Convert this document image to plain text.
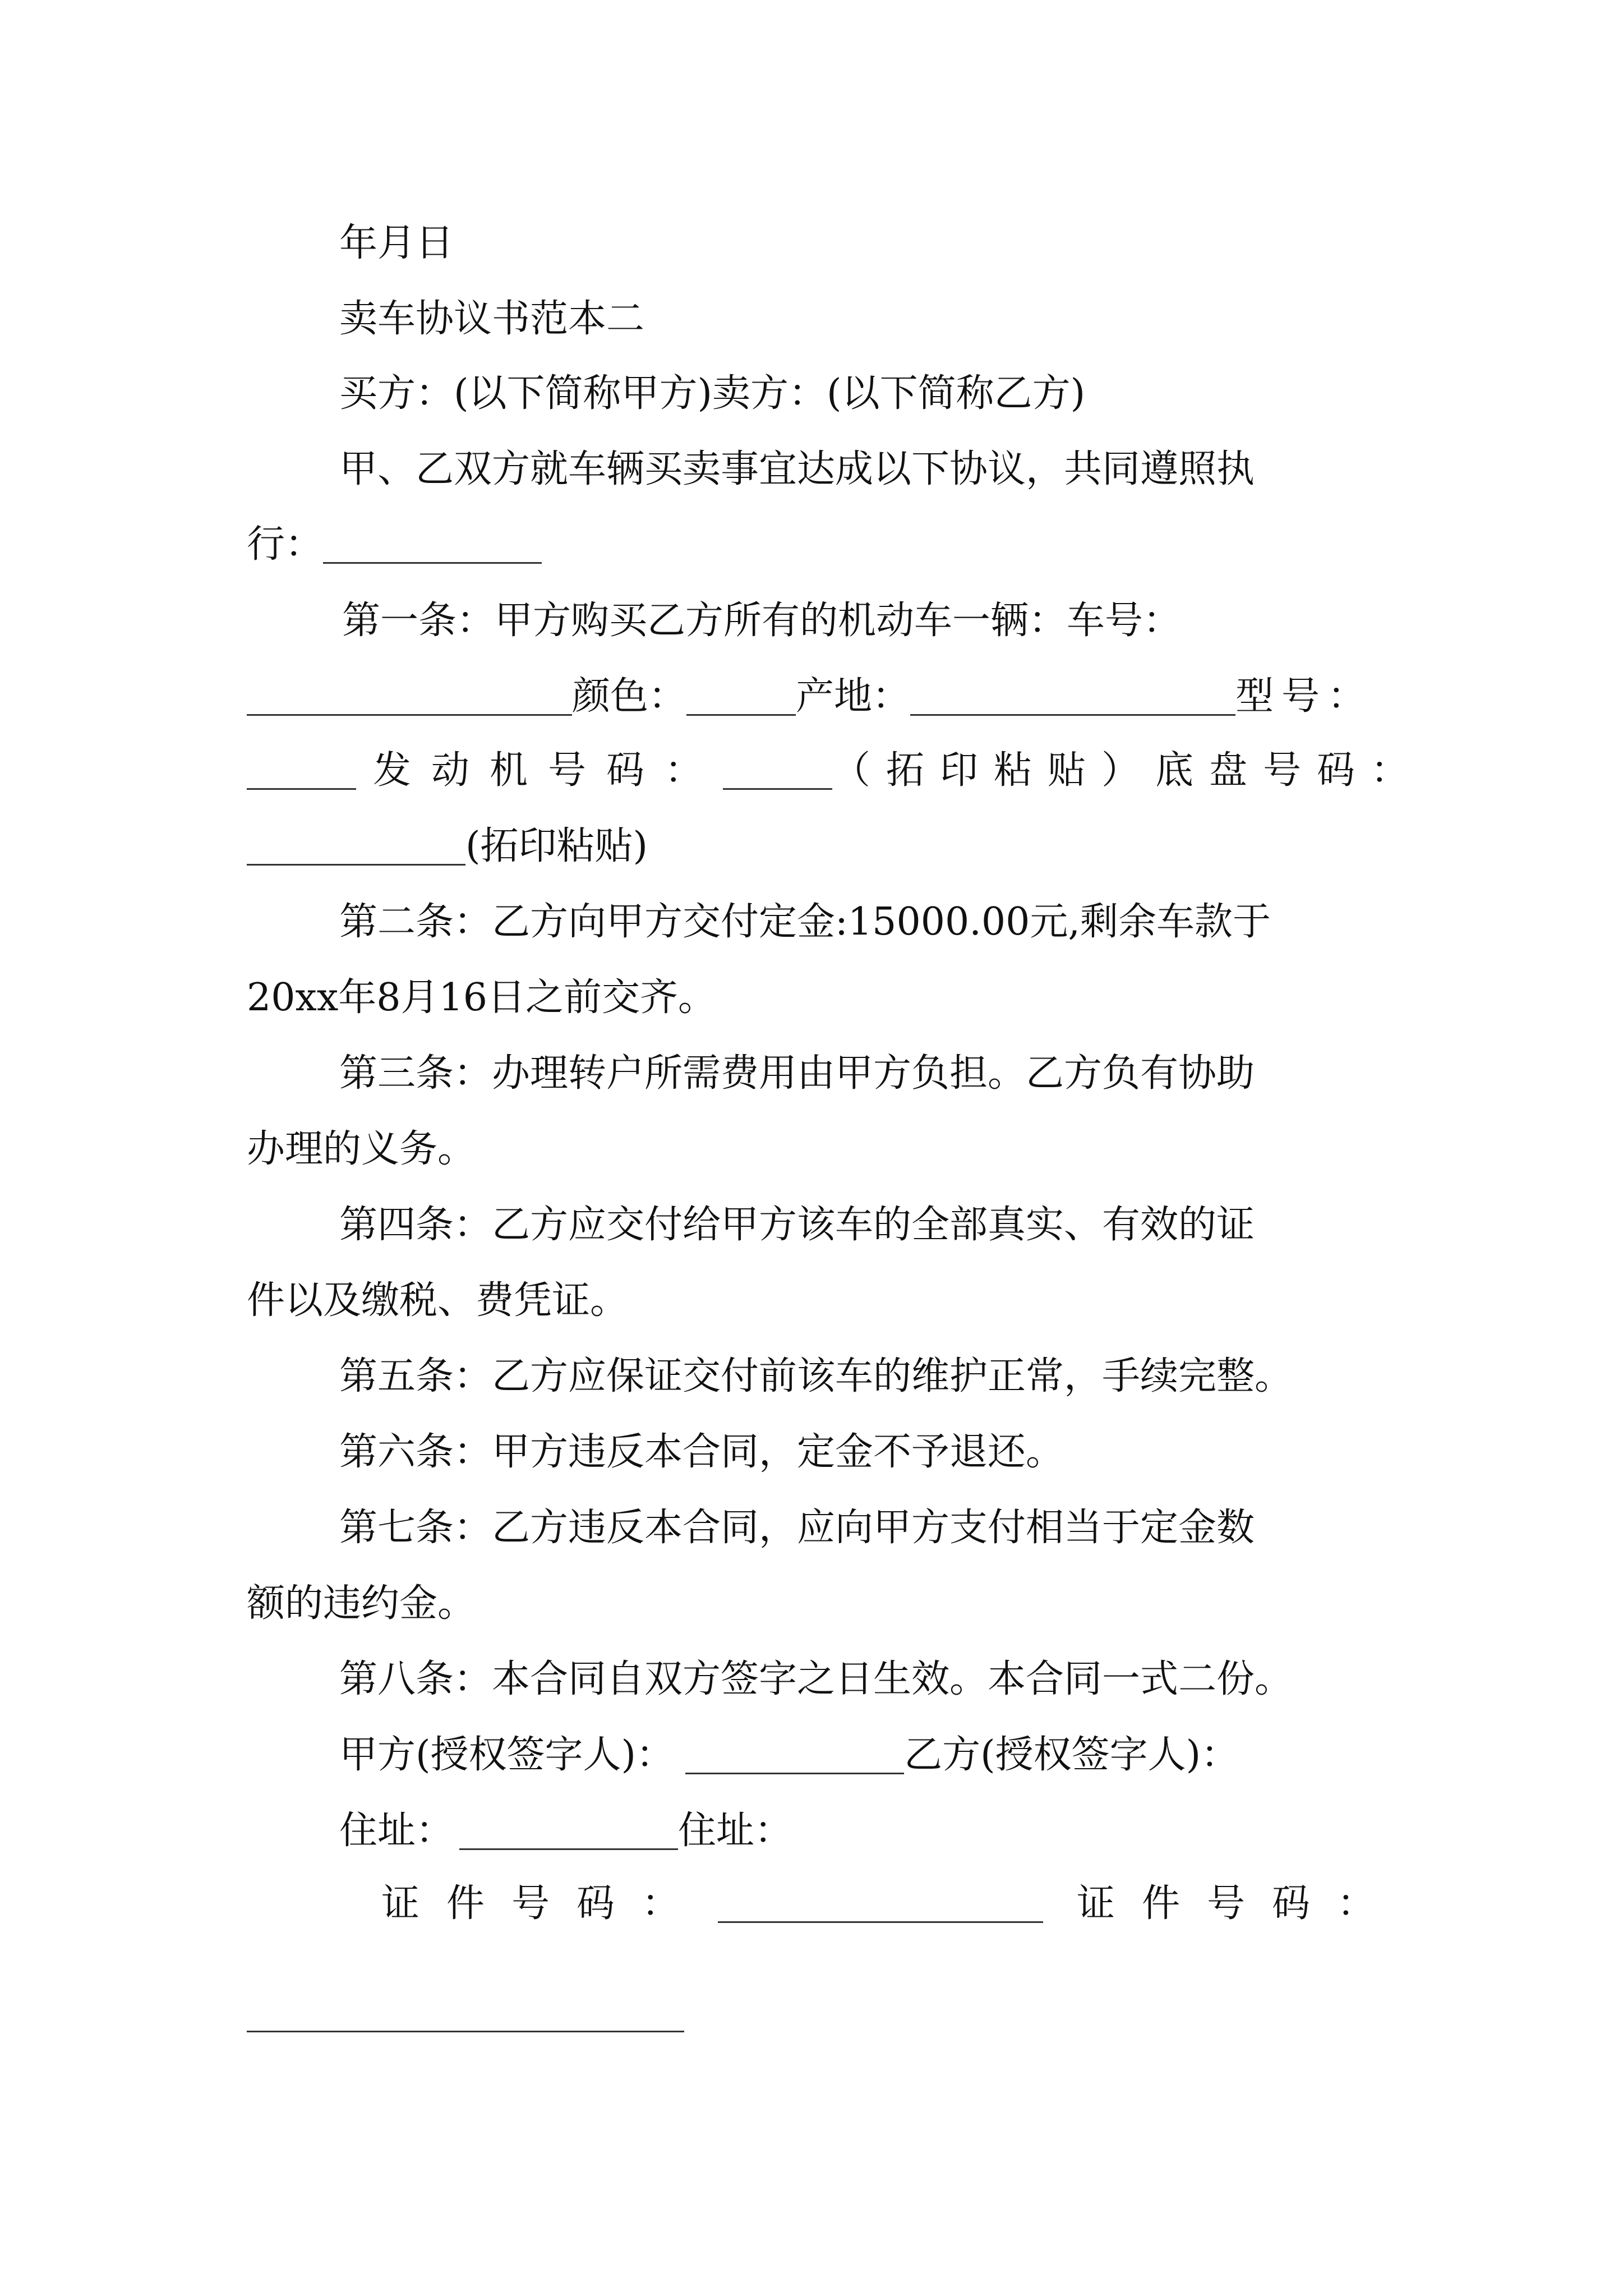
年月日
卖车协议书范本二
买方：(以下简称甲方)卖方：(以下简称乙方)
甲、乙双方就车辆买卖事宜达成以下协议，共同遵照执
行：
第一条：甲方购买乙方所有的机动车一辆：车号：
颜色：	产地：	型号：
发动机号码：	（拓印粘贴）底盘号码：
(拓印粘贴)
第二条：乙方向甲方交付定金:15000.00元,剩余车款于
20xx年8月16日之前交齐。
第三条：办理转户所需费用由甲方负担。乙方负有协助
办理的义务。
第四条：乙方应交付给甲方该车的全部真实、有效的证
件以及缴税、费凭证。
第五条：乙方应保证交付前该车的维护正常，手续完整。
第六条：甲方违反本合同，定金不予退还。
第七条：乙方违反本合同，应向甲方支付相当于定金数
额的违约金。
第八条：本合同自双方签字之日生效。本合同一式二份。
甲方(授权签字人)：	乙方(授权签字人)：
住址：	住址：
证件号码：	证件号码：
